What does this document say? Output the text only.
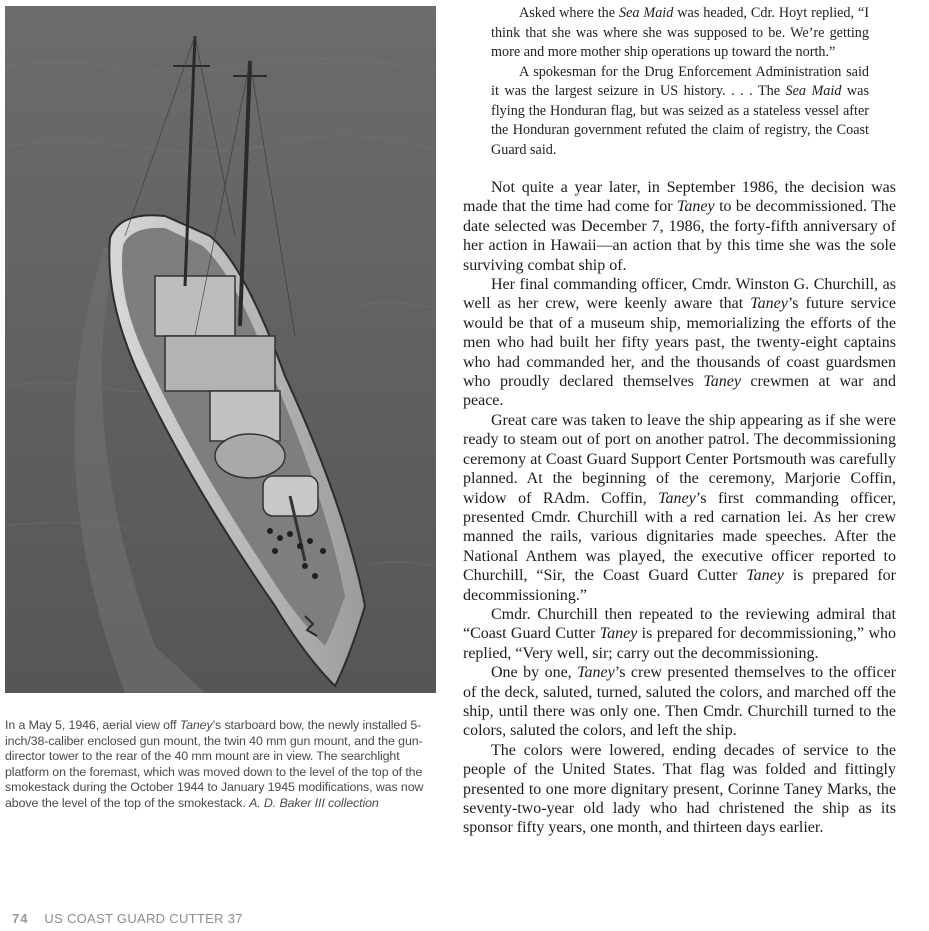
In a May 5, 1946, aerial view off Taney’s starboard bow, the newly installed 5-inch/38-caliber enclosed gun mount, the twin 40 mm gun mount, and the gun-director tower to the rear of the 40 mm mount are in view. The searchlight platform on the foremast, which was moved down to the level of the top of the smokestack during the October 1944 to January 1945 modifications, was now above the level of the top of the smokestack. A. D. Baker III collection

Asked where the Sea Maid was headed, Cdr. Hoyt replied, “I think that she was where she was supposed to be. We’re getting more and more mother ship operations up toward the north.”

A spokesman for the Drug Enforcement Administration said it was the largest seizure in US history. . . . The Sea Maid was flying the Honduran flag, but was seized as a stateless vessel after the Honduran government refuted the claim of registry, the Coast Guard said.

Not quite a year later, in September 1986, the decision was made that the time had come for Taney to be decommissioned. The date selected was December 7, 1986, the forty-fifth anniversary of her action in Hawaii—an action that by this time she was the sole surviving combat ship of.

Her final commanding officer, Cmdr. Winston G. Churchill, as well as her crew, were keenly aware that Taney’s future service would be that of a museum ship, memorializing the efforts of the men who had built her fifty years past, the twenty-eight captains who had commanded her, and the thousands of coast guardsmen who proudly declared themselves Taney crewmen at war and peace.

Great care was taken to leave the ship appearing as if she were ready to steam out of port on another patrol. The decommissioning ceremony at Coast Guard Support Center Portsmouth was carefully planned. At the beginning of the ceremony, Marjorie Coffin, widow of RAdm. Coffin, Taney’s first commanding officer, presented Cmdr. Churchill with a red carnation lei. As her crew manned the rails, various dignitaries made speeches. After the National Anthem was played, the executive officer reported to Churchill, “Sir, the Coast Guard Cutter Taney is prepared for decommissioning.”

Cmdr. Churchill then repeated to the reviewing admiral that “Coast Guard Cutter Taney is prepared for decommissioning,” who replied, “Very well, sir; carry out the decommissioning.

One by one, Taney’s crew presented themselves to the officer of the deck, saluted, turned, saluted the colors, and marched off the ship, until there was only one. Then Cmdr. Churchill turned to the colors, saluted the colors, and left the ship.

The colors were lowered, ending decades of service to the people of the United States. That flag was folded and fittingly presented to one more dignitary present, Corinne Taney Marks, the seventy-two-year old lady who had christened the ship as its sponsor fifty years, one month, and thirteen days earlier.

74 US COAST GUARD CUTTER 37
